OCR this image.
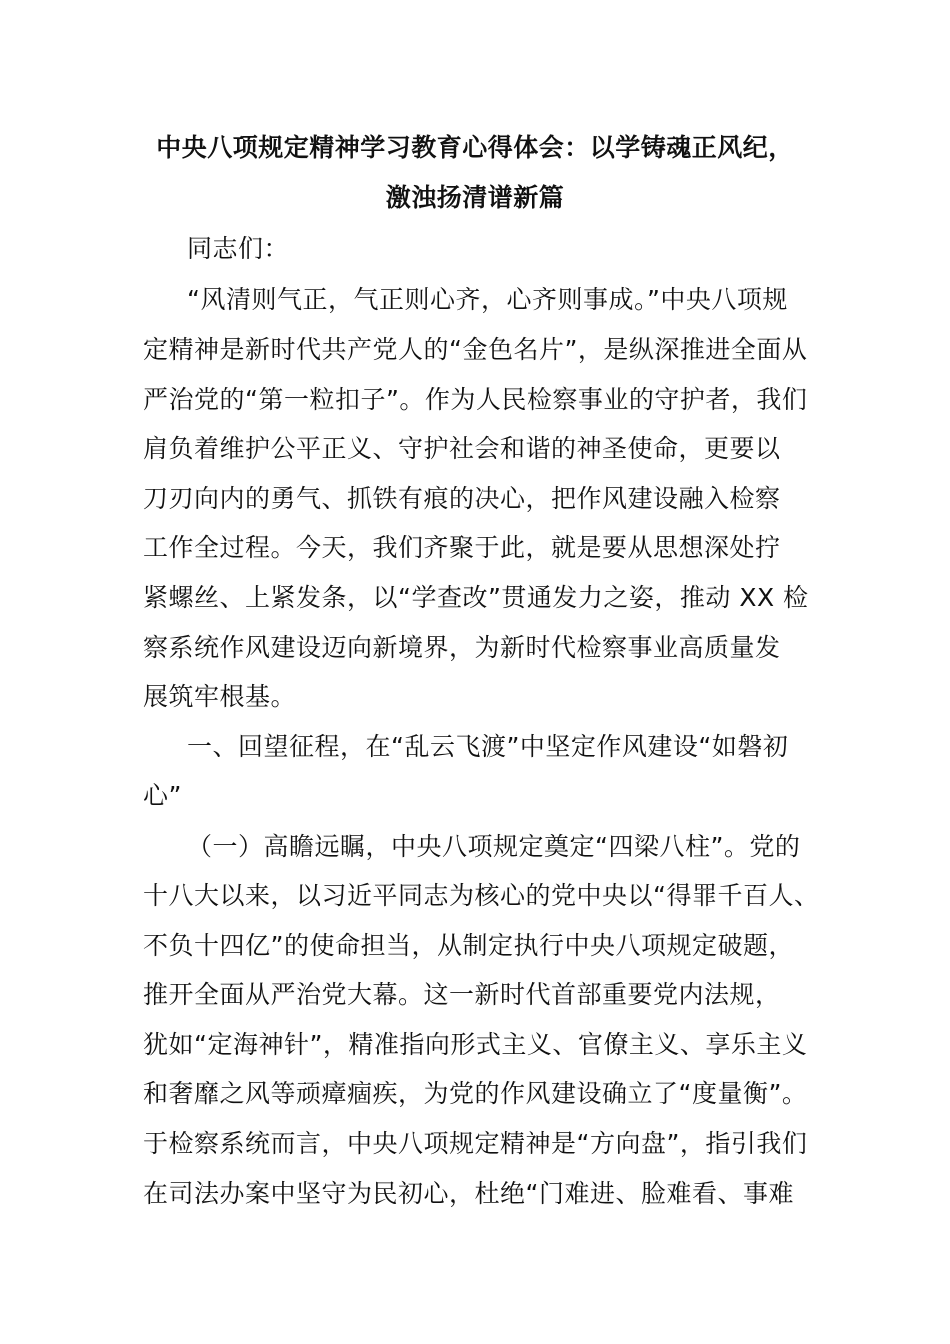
中央八项规定精神学习教育心得体会：以学铸魂正风纪，
激浊扬清谱新篇
同志们：
“风清则气正，气正则心齐，心齐则事成。”中央八项规
定精神是新时代共产党人的“金色名片”，是纵深推进全面从
严治党的“第一粒扣子”。作为人民检察事业的守护者，我们
肩负着维护公平正义、守护社会和谐的神圣使命，更要以
刀刃向内的勇气、抓铁有痕的决心，把作风建设融入检察
工作全过程。今天，我们齐聚于此，就是要从思想深处拧
紧螺丝、上紧发条，以“学查改”贯通发力之姿，推动 XX 检
察系统作风建设迈向新境界，为新时代检察事业高质量发
展筑牢根基。
一、回望征程，在“乱云飞渡”中坚定作风建设“如磐初
心”
（一）高瞻远瞩，中央八项规定奠定“四梁八柱”。党的
十八大以来，以习近平同志为核心的党中央以“得罪千百人、
不负十四亿”的使命担当，从制定执行中央八项规定破题，
推开全面从严治党大幕。这一新时代首部重要党内法规，
犹如“定海神针”，精准指向形式主义、官僚主义、享乐主义
和奢靡之风等顽瘴痼疾，为党的作风建设确立了“度量衡”。
于检察系统而言，中央八项规定精神是“方向盘”，指引我们
在司法办案中坚守为民初心，杜绝“门难进、脸难看、事难
